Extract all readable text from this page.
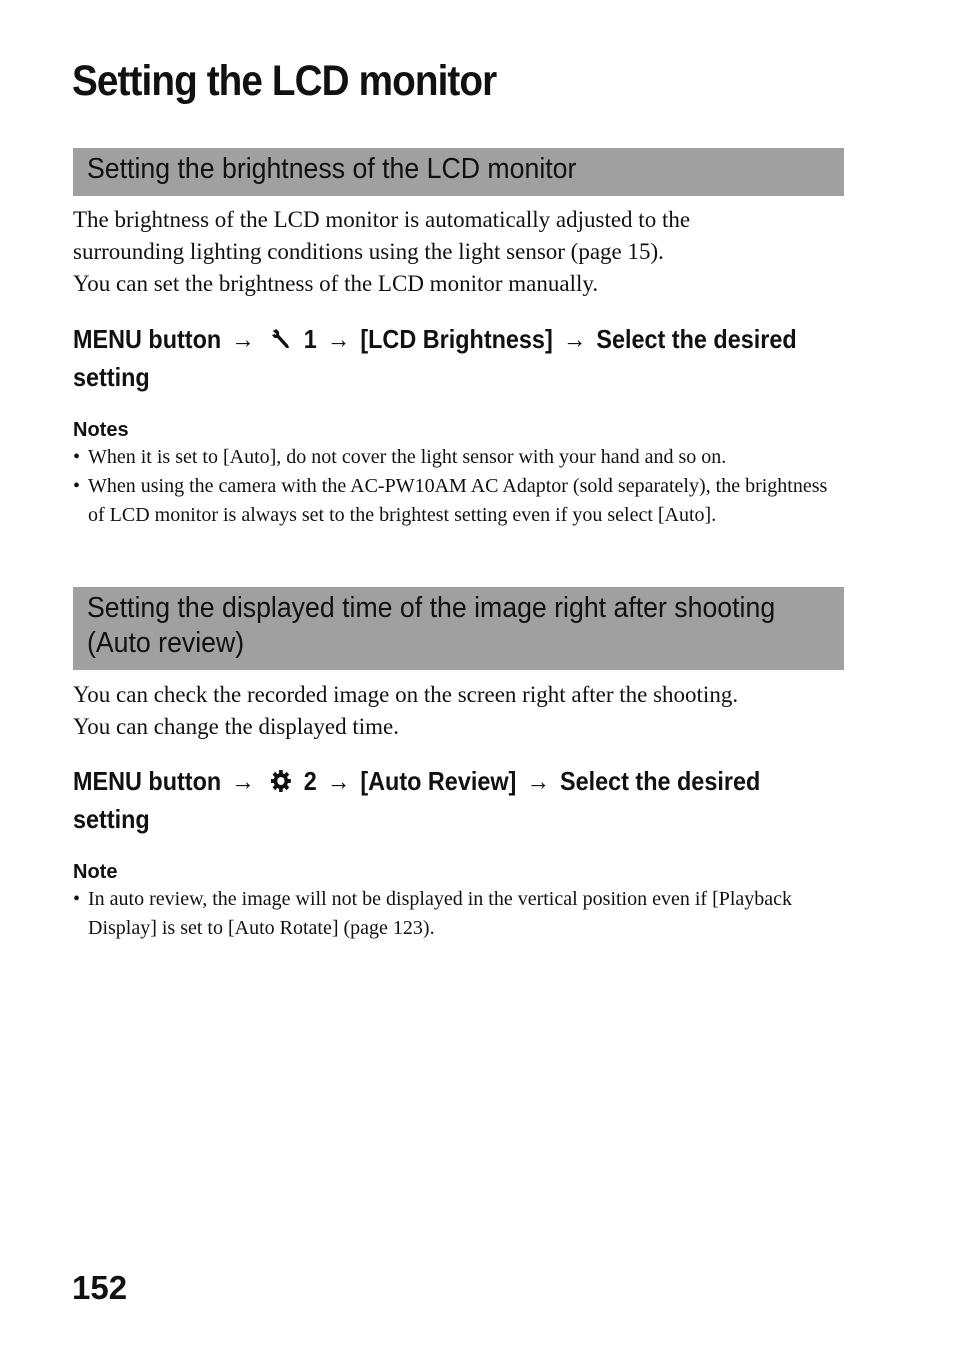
Setting the LCD monitor
Setting the brightness of the LCD monitor

The brightness of the LCD monitor is automatically adjusted to the
surrounding lighting conditions using the light sensor (page 15).
You can set the brightness of the LCD monitor manually.

MENU button → 1 → [LCD Brightness] → Select the desired
setting
Notes
• When it is set to [Auto], do not cover the light sensor with your hand and so on.
• When using the camera with the AC-PW10AM AC Adaptor (sold separately), the brightness of LCD monitor is always set to the brightest setting even if you select [Auto].
Setting the displayed time of the image right after shooting
(Auto review)

You can check the recorded image on the screen right after the shooting.
You can change the displayed time.

MENU button → 2 → [Auto Review] → Select the desired
setting
Note
• In auto review, the image will not be displayed in the vertical position even if [Playback Display] is set to [Auto Rotate] (page 123).
152
